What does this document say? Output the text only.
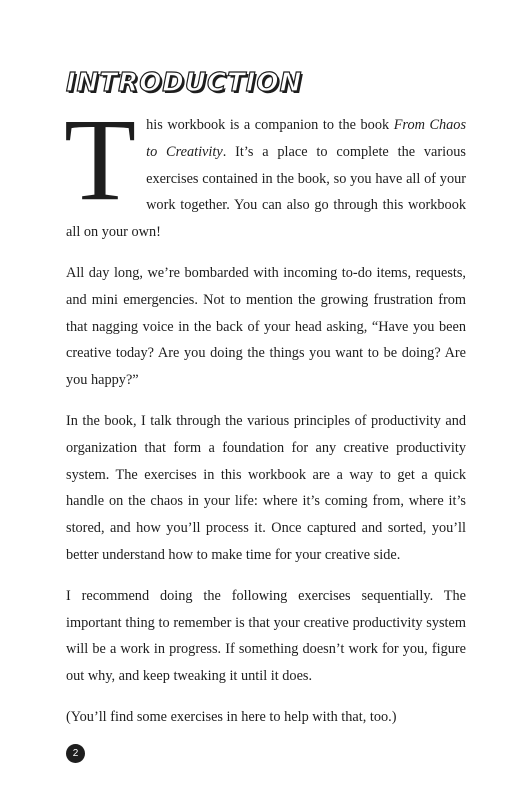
INTRODUCTION

This workbook is a companion to the book From Chaos to Creativity. It’s a place to complete the various exercises contained in the book, so you have all of your work together. You can also go through this workbook all on your own!

All day long, we’re bombarded with incoming to-do items, requests, and mini emergencies. Not to mention the growing frustration from that nagging voice in the back of your head asking, “Have you been creative today? Are you doing the things you want to be doing? Are you happy?”

In the book, I talk through the various principles of productivity and organization that form a foundation for any creative productivity system. The exercises in this workbook are a way to get a quick handle on the chaos in your life: where it’s coming from, where it’s stored, and how you’ll process it. Once captured and sorted, you’ll better understand how to make time for your creative side.

I recommend doing the following exercises sequentially. The important thing to remember is that your creative productivity system will be a work in progress. If something doesn’t work for you, figure out why, and keep tweaking it until it does.

(You’ll find some exercises in here to help with that, too.)

2
